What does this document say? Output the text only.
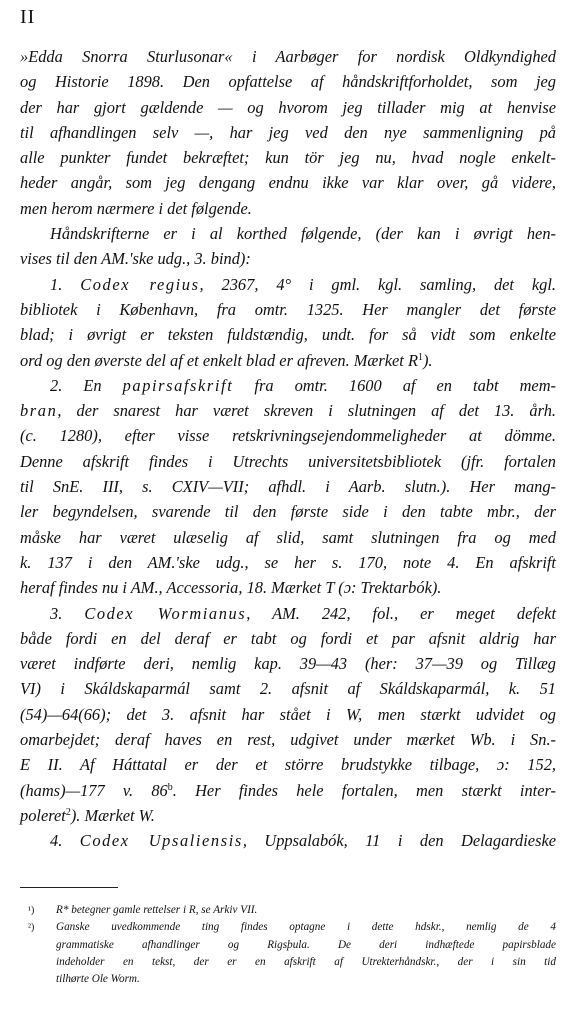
II
»Edda Snorra Sturlusonar« i Aarbøger for nordisk Oldkyndighed
og Historie 1898. Den opfattelse af håndskriftforholdet, som jeg
der har gjort gældende — og hvorom jeg tillader mig at henvise
til afhandlingen selv —, har jeg ved den nye sammenligning på
alle punkter fundet bekræftet; kun tör jeg nu, hvad nogle enkelt-
heder angår, som jeg dengang endnu ikke var klar over, gå videre,
men herom nærmere i det følgende.
Håndskrifterne er i al korthed følgende, (der kan i øvrigt hen-
vises til den AM.'ske udg., 3. bind):
1. Codex regius, 2367, 4° i gml. kgl. samling, det kgl.
bibliotek i København, fra omtr. 1325. Her mangler det første
blad; i øvrigt er teksten fuldstændig, undt. for så vidt som enkelte
ord og den øverste del af et enkelt blad er afreven. Mærket $R^1$).
2. En papirsafskrift fra omtr. 1600 af en tabt mem-
bran, der snarest har været skreven i slutningen af det 13. årh.
(c. 1280), efter visse retskrivningsejendommeligheder at dömme.
Denne afskrift findes i Utrechts universitetsbibliotek (jfr. fortalen
til SnE. III, s. CXIV—VII; afhdl. i Aarb. slutn.). Her mang-
ler begyndelsen, svarende til den første side i den tabte mbr., der
måske har været ulæselig af slid, samt slutningen fra og med
k. 137 i den AM.'ske udg., se her s. 170, note 4. En afskrift
heraf findes nu i AM., Accessoria, 18. Mærket T (ɔ: Trektarbók).
3. Codex Wormianus, AM. 242, fol., er meget defekt
både fordi en del deraf er tabt og fordi et par afsnit aldrig har
været indførte deri, nemlig kap. 39—43 (her: 37—39 og Tillæg
VI) i Skáldskaparmál samt 2. afsnit af Skáldskaparmál, k. 51
(54)—64(66); det 3. afsnit har stået i W, men stærkt udvidet og
omarbejdet; deraf haves en rest, udgivet under mærket Wb. i Sn.-
E II. Af Háttatal er der et större brudstykke tilbage, ɔ: 152,
(hams)—177 v. 86$^b$. Her findes hele fortalen, men stærkt inter-
poleret$^2$). Mærket W.
4. Codex Upsaliensis, Uppsalabók, 11 i den Delagardieske
¹) R* betegner gamle rettelser i R, se Arkiv VII.
²) Ganske uvedkommende ting findes optagne i dette hdskr., nemlig de 4
grammatiske afhandlinger og Rigsþula. De deri indhæftede papirsblade
indeholder en tekst, der er en afskrift af Utrekterhåndskr., der i sin tid
tilhørte Ole Worm.
